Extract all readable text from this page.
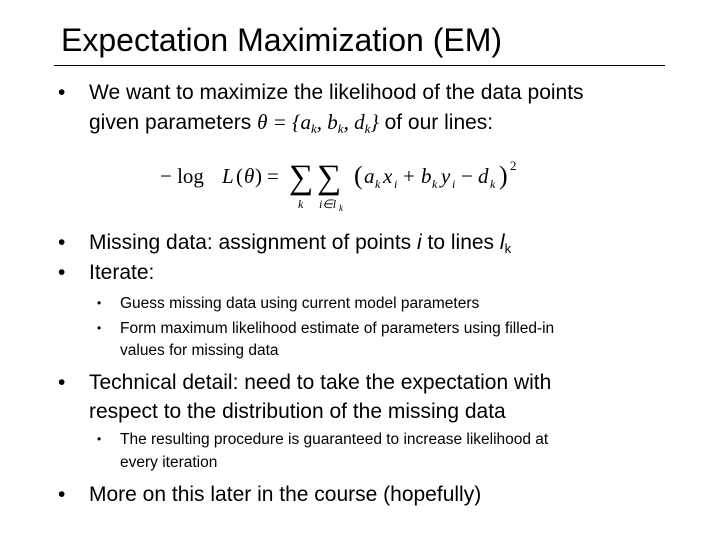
Expectation Maximization (EM)
• We want to maximize the likelihood of the data points
given parameters $\theta = \{a_k$, $b_k$, $d_k$} of our lines:
− log L ( θ ) = ∑
k
∑
i∈l k
( a k x i + b k y i − d k ) 2
• Missing data: assignment of points i to lines $l_k$
• Iterate:
• Guess missing data using current model parameters
• Form maximum likelihood estimate of parameters using filled-in
values for missing data
• Technical detail: need to take the expectation with
respect to the distribution of the missing data
• The resulting procedure is guaranteed to increase likelihood at
every iteration
• More on this later in the course (hopefully)
